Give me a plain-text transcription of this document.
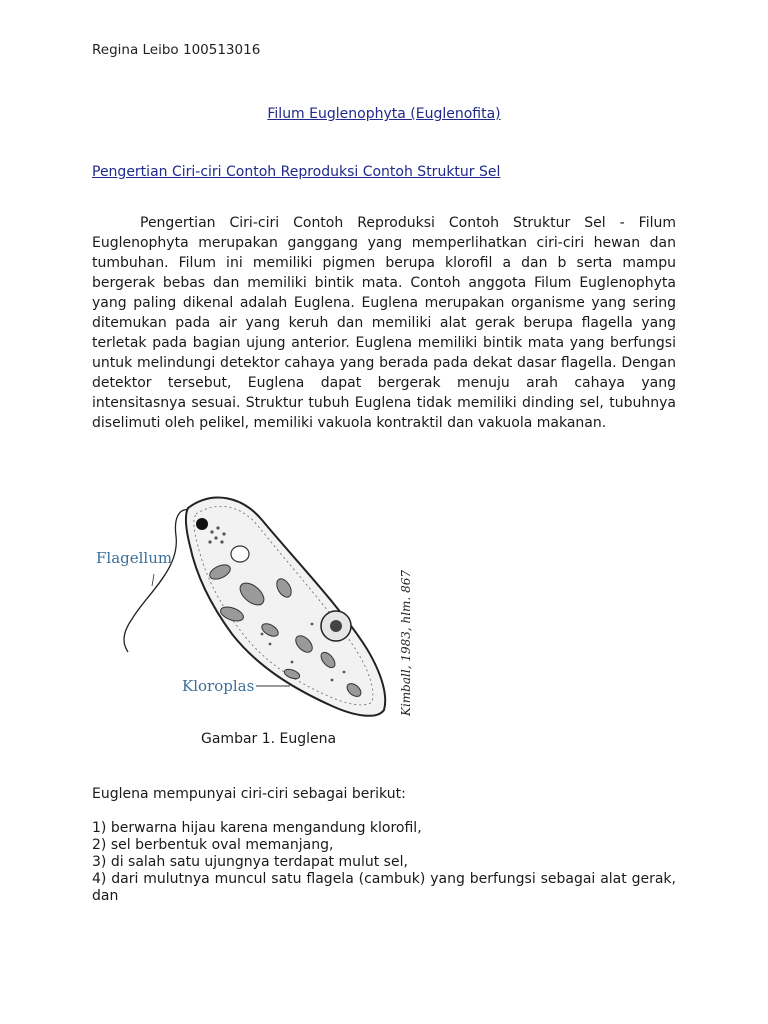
Regina Leibo 100513016
Filum Euglenophyta (Euglenofita)
Pengertian Ciri-ciri Contoh Reproduksi Contoh Struktur Sel

Pengertian Ciri-ciri Contoh Reproduksi Contoh Struktur Sel - Filum Euglenophyta merupakan ganggang yang memperlihatkan ciri-ciri hewan dan tumbuhan. Filum ini memiliki pigmen berupa klorofil a dan b serta mampu bergerak bebas dan memiliki bintik mata. Contoh anggota Filum Euglenophyta yang paling dikenal adalah Euglena. Euglena merupakan organisme yang sering ditemukan pada air yang keruh dan memiliki alat gerak berupa flagella yang terletak pada bagian ujung anterior. Euglena memiliki bintik mata yang berfungsi untuk melindungi detektor cahaya yang berada pada dekat dasar flagella. Dengan detektor tersebut, Euglena dapat bergerak menuju arah cahaya yang intensitasnya sesuai. Struktur tubuh Euglena tidak memiliki dinding sel, tubuhnya diselimuti oleh pelikel, memiliki vakuola kontraktil dan vakuola makanan.

Flagellum
Kloroplas	Kimball, 1983, hlm. 867
Gambar 1. Euglena
Euglena mempunyai ciri-ciri sebagai berikut:
1) berwarna hijau karena mengandung klorofil,
2) sel berbentuk oval memanjang,
3) di salah satu ujungnya terdapat mulut sel,
4) dari mulutnya muncul satu flagela (cambuk) yang berfungsi sebagai alat gerak, dan
